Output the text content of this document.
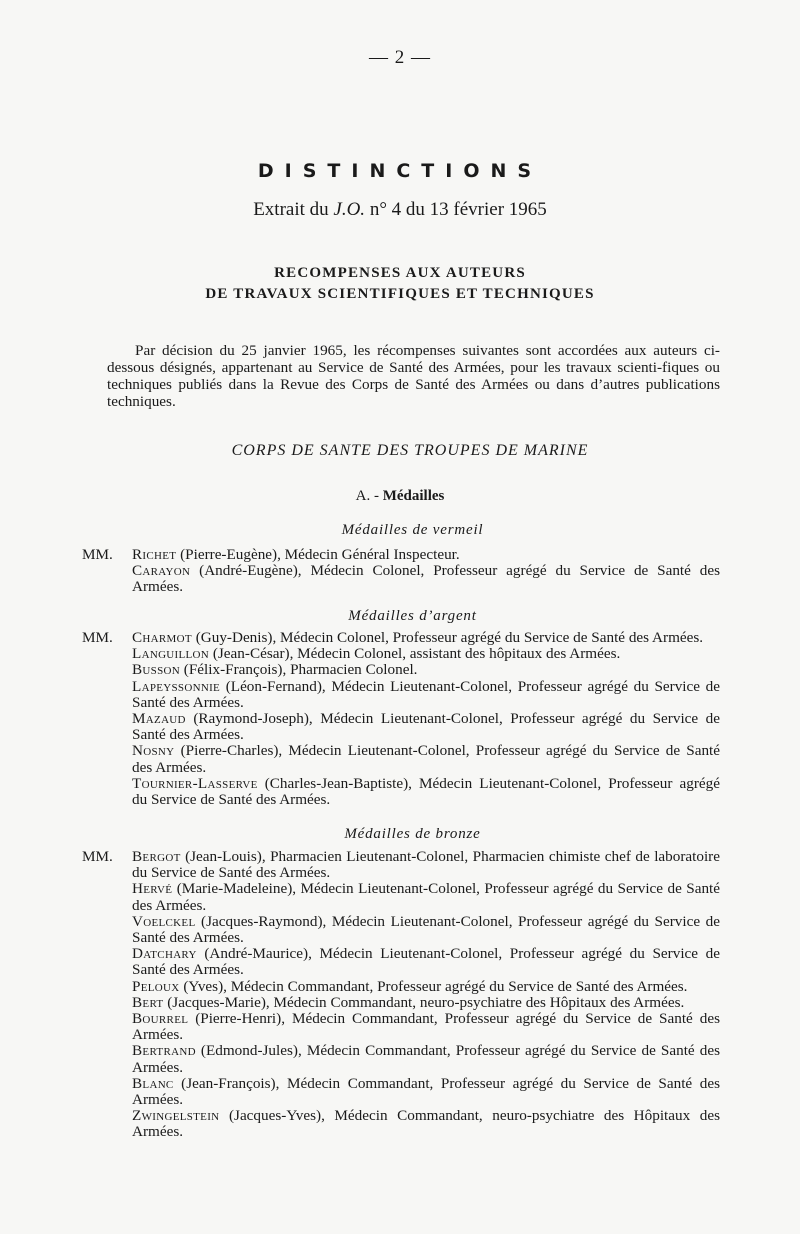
— 2 —
DISTINCTIONS
Extrait du J.O. n° 4 du 13 février 1965
RECOMPENSES AUX AUTEURS
DE TRAVAUX SCIENTIFIQUES ET TECHNIQUES

Par décision du 25 janvier 1965, les récompenses suivantes sont accordées aux auteurs ci-dessous désignés, appartenant au Service de Santé des Armées, pour les travaux scienti-fiques ou techniques publiés dans la Revue des Corps de Santé des Armées ou dans d’autres publications techniques.

CORPS DE SANTE DES TROUPES DE MARINE
A. - Médailles
Médailles de vermeil

MM. Richet (Pierre-Eugène), Médecin Général Inspecteur.

Carayon (André-Eugène), Médecin Colonel, Professeur agrégé du Service de Santé des Armées.

Médailles d’argent

MM. Charmot (Guy-Denis), Médecin Colonel, Professeur agrégé du Service de Santé des Armées.

Languillon (Jean-César), Médecin Colonel, assistant des hôpitaux des Armées.

Busson (Félix-François), Pharmacien Colonel.

Lapeyssonnie (Léon-Fernand), Médecin Lieutenant-Colonel, Professeur agrégé du Service de Santé des Armées.

Mazaud (Raymond-Joseph), Médecin Lieutenant-Colonel, Professeur agrégé du Service de Santé des Armées.

Nosny (Pierre-Charles), Médecin Lieutenant-Colonel, Professeur agrégé du Service de Santé des Armées.

Tournier-Lasserve (Charles-Jean-Baptiste), Médecin Lieutenant-Colonel, Professeur agrégé du Service de Santé des Armées.

Médailles de bronze

MM. Bergot (Jean-Louis), Pharmacien Lieutenant-Colonel, Pharmacien chimiste chef de laboratoire du Service de Santé des Armées.

Hervé (Marie-Madeleine), Médecin Lieutenant-Colonel, Professeur agrégé du Service de Santé des Armées.

Voelckel (Jacques-Raymond), Médecin Lieutenant-Colonel, Professeur agrégé du Service de Santé des Armées.

Datchary (André-Maurice), Médecin Lieutenant-Colonel, Professeur agrégé du Service de Santé des Armées.

Peloux (Yves), Médecin Commandant, Professeur agrégé du Service de Santé des Armées.

Bert (Jacques-Marie), Médecin Commandant, neuro-psychiatre des Hôpitaux des Armées.

Bourrel (Pierre-Henri), Médecin Commandant, Professeur agrégé du Service de Santé des Armées.

Bertrand (Edmond-Jules), Médecin Commandant, Professeur agrégé du Service de Santé des Armées.

Blanc (Jean-François), Médecin Commandant, Professeur agrégé du Service de Santé des Armées.

Zwingelstein (Jacques-Yves), Médecin Commandant, neuro-psychiatre des Hôpitaux des Armées.
